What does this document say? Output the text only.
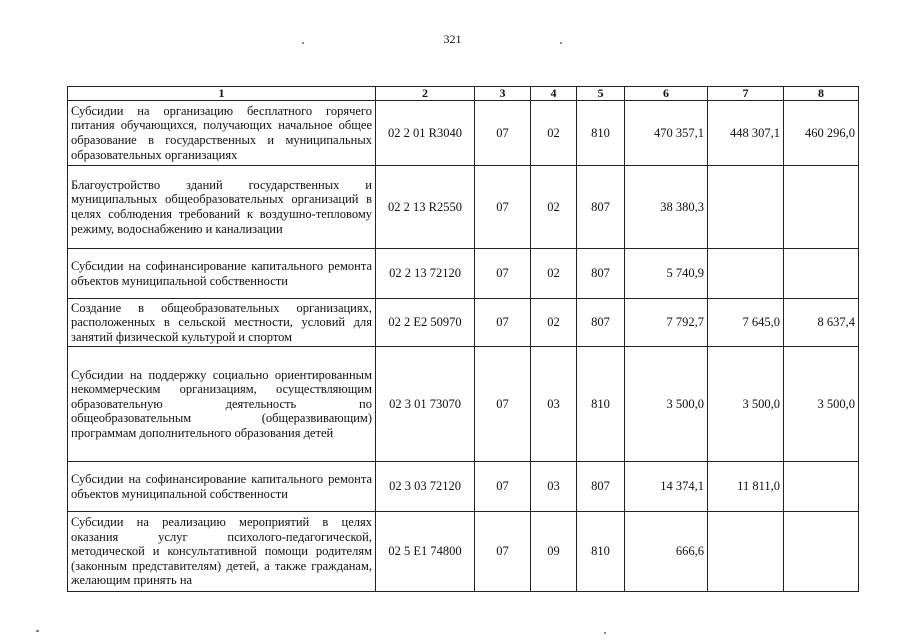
321
1	2	3	4	5	6	7	8
Субсидии на организацию бесплатного горячего питания обучающихся, получающих начальное общее образование в государственных и муниципальных образовательных организациях	02 2 01 R3040	07	02	810	470 357,1	448 307,1	460 296,0
Благоустройство зданий государственных и муниципальных общеобразовательных организаций в целях соблюдения требований к воздушно-тепловому режиму, водоснабжению и канализации	02 2 13 R2550	07	02	807	38 380,3		
Субсидии на софинансирование капитального ремонта объектов муниципальной собственности	02 2 13 72120	07	02	807	5 740,9		
Создание в общеобразовательных организациях, расположенных в сельской местности, условий для занятий физической культурой и спортом	02 2 E2 50970	07	02	807	7 792,7	7 645,0	8 637,4
Субсидии на поддержку социально ориентированным некоммерческим организациям, осуществляющим образовательную деятельность по общеобразовательным (общеразвивающим) программам дополнительного образования детей	02 3 01 73070	07	03	810	3 500,0	3 500,0	3 500,0
Субсидии на софинансирование капитального ремонта объектов муниципальной собственности	02 3 03 72120	07	03	807	14 374,1	11 811,0	
Субсидии на реализацию мероприятий в целях оказания услуг психолого-педагогической, методической и консультативной помощи родителям (законным представителям) детей, а также гражданам, желающим принять на	02 5 E1 74800	07	09	810	666,6		
